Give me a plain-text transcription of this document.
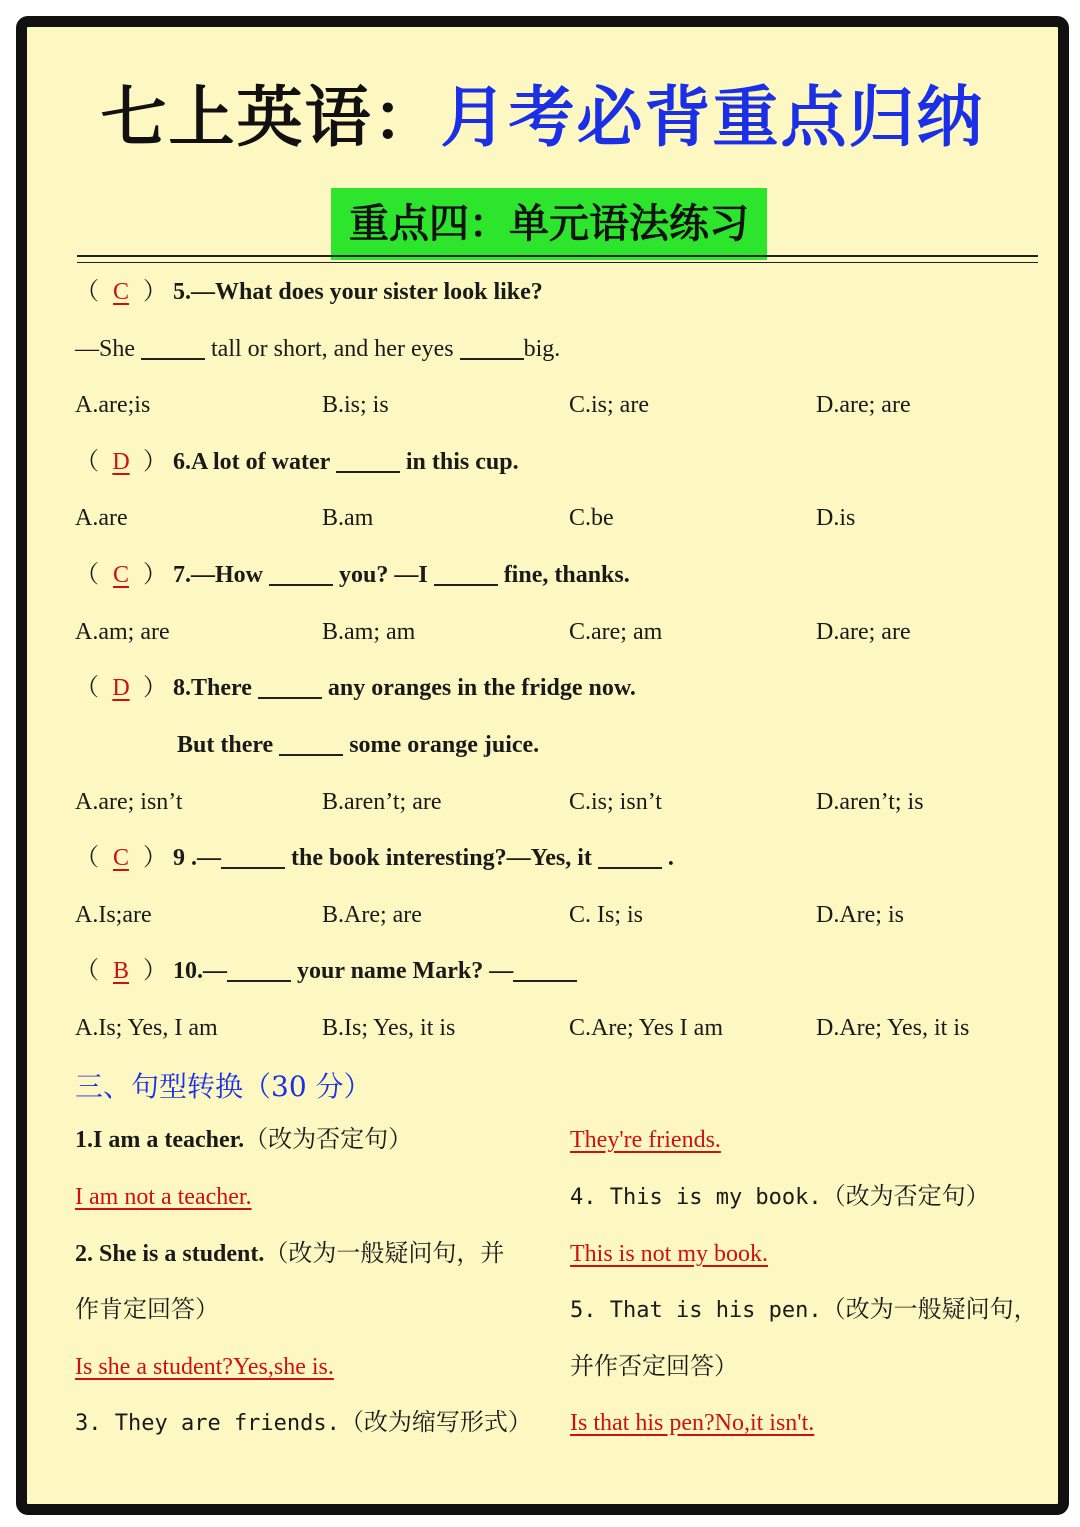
七上英语：月考必背重点归纳
重点四：单元语法练习
（ C ） 5.—What does your sister look like?
—She	tall or short, and her eyes	big.
A.are;is	B.is; is	C.is; are	D.are; are
（ D ） 6.A lot of water	in this cup.
A.are	B.am	C.be	D.is
（ C ） 7.—How	you? —I	fine, thanks.
A.am; are	B.am; am	C.are; am	D.are; are
（ D ） 8.There	any oranges in the fridge now.
But there	some orange juice.
A.are; isn’t	B.aren’t; are	C.is; isn’t	D.aren’t; is
（ C ） 9 .—	the book interesting?—Yes, it	.
A.Is;are	B.Are; are	C. Is; is	D.Are; is
（ B ） 10.—	your name Mark? —
A.Is; Yes, I am	B.Is; Yes, it is	C.Are; Yes I am	D.Are; Yes, it is
三、句型转换（30 分）
1.I am a teacher.（改为否定句）
I am not a teacher.
2. She is a student.（改为一般疑问句，并
作肯定回答）
Is she a student?Yes,she is.
3. They are friends.（改为缩写形式）
They're friends.
4. This is my book.（改为否定句）
This is not my book.
5. That is his pen.（改为一般疑问句，
并作否定回答）
Is that his pen?No,it isn't.
